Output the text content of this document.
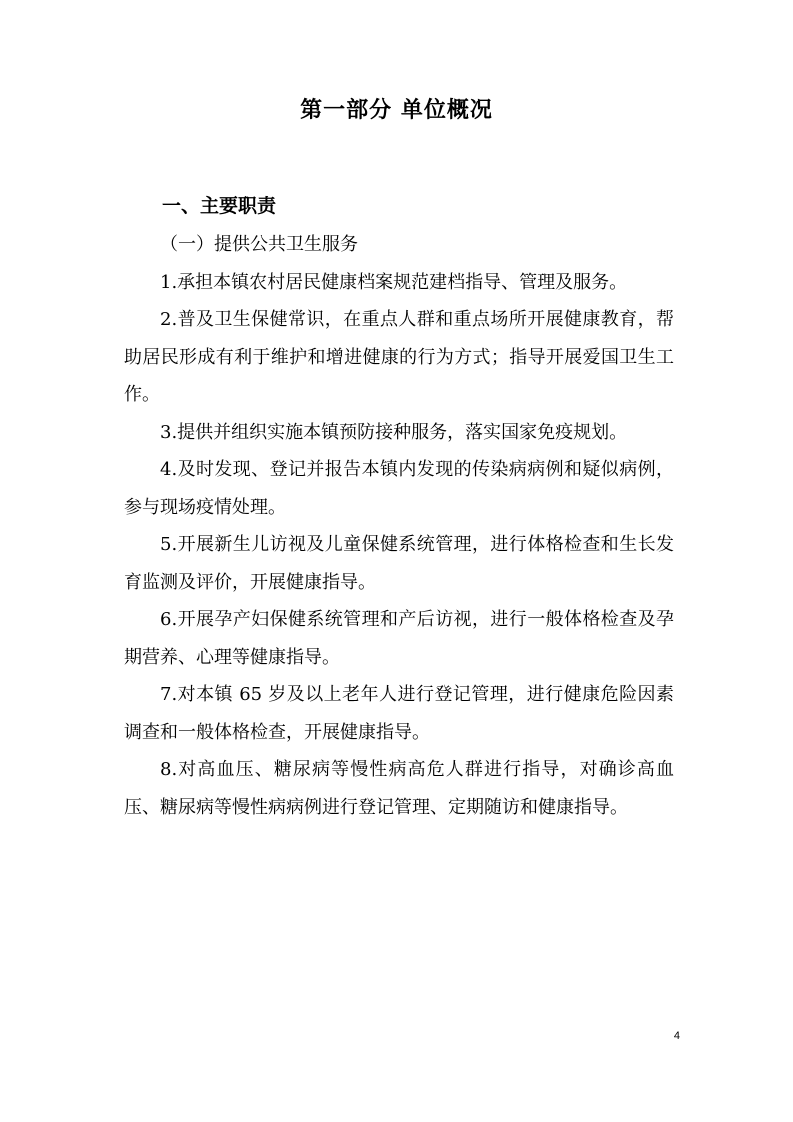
第一部分 单位概况
一、主要职责

（一）提供公共卫生服务

1.承担本镇农村居民健康档案规范建档指导、管理及服务。

2.普及卫生保健常识，在重点人群和重点场所开展健康教育，帮助居民形成有利于维护和增进健康的行为方式；指导开展爱国卫生工作。

3.提供并组织实施本镇预防接种服务，落实国家免疫规划。

4.及时发现、登记并报告本镇内发现的传染病病例和疑似病例，参与现场疫情处理。

5.开展新生儿访视及儿童保健系统管理，进行体格检查和生长发育监测及评价，开展健康指导。

6.开展孕产妇保健系统管理和产后访视，进行一般体格检查及孕期营养、心理等健康指导。

7.对本镇 65 岁及以上老年人进行登记管理，进行健康危险因素调查和一般体格检查，开展健康指导。

8.对高血压、糖尿病等慢性病高危人群进行指导，对确诊高血压、糖尿病等慢性病病例进行登记管理、定期随访和健康指导。

4
